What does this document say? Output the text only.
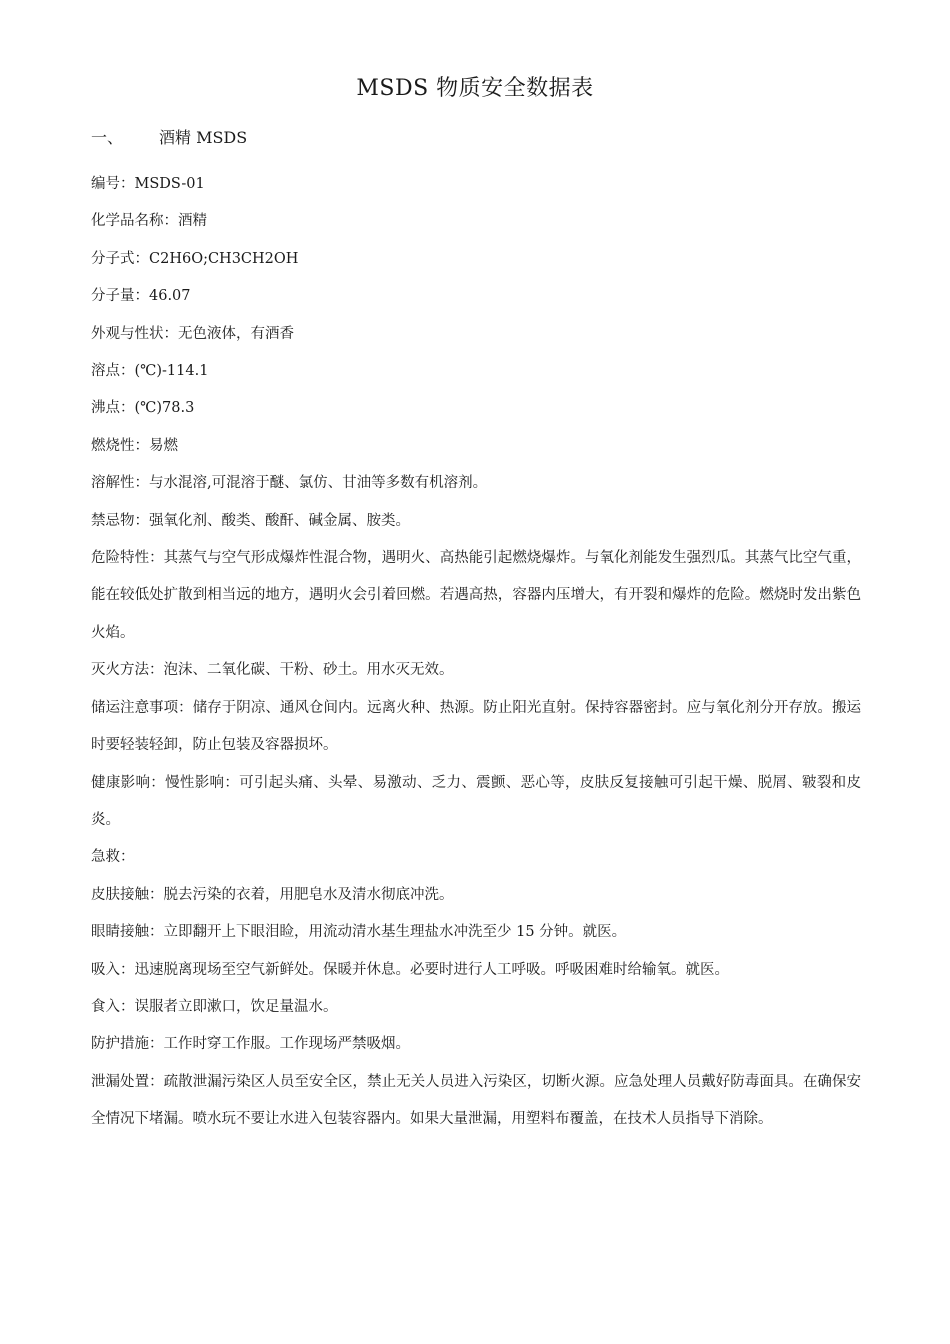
MSDS 物质安全数据表
一、 酒精 MSDS

编号：MSDS-01

化学品名称：酒精

分子式：C2H6O;CH3CH2OH

分子量：46.07

外观与性状：无色液体，有酒香

溶点：(℃)-114.1

沸点：(℃)78.3

燃烧性：易燃

溶解性：与水混溶,可混溶于醚、氯仿、甘油等多数有机溶剂。

禁忌物：强氧化剂、酸类、酸酐、碱金属、胺类。

危险特性：其蒸气与空气形成爆炸性混合物，遇明火、高热能引起燃烧爆炸。与氧化剂能发生强烈瓜。其蒸气比空气重，能在较低处扩散到相当远的地方，遇明火会引着回燃。若遇高热，容器内压增大，有开裂和爆炸的危险。燃烧时发出紫色火焰。

灭火方法：泡沫、二氧化碳、干粉、砂土。用水灭无效。

储运注意事项：储存于阴凉、通风仓间内。远离火种、热源。防止阳光直射。保持容器密封。应与氧化剂分开存放。搬运时要轻装轻卸，防止包装及容器损坏。

健康影响：慢性影响：可引起头痛、头晕、易激动、乏力、震颤、恶心等，皮肤反复接触可引起干燥、脱屑、皲裂和皮炎。

急救：

皮肤接触：脱去污染的衣着，用肥皂水及清水彻底冲洗。

眼睛接触：立即翻开上下眼泪睑，用流动清水基生理盐水冲洗至少 15 分钟。就医。

吸入：迅速脱离现场至空气新鲜处。保暖并休息。必要时进行人工呼吸。呼吸困难时给输氧。就医。

食入：误服者立即漱口，饮足量温水。

防护措施：工作时穿工作服。工作现场严禁吸烟。

泄漏处置：疏散泄漏污染区人员至安全区，禁止无关人员进入污染区，切断火源。应急处理人员戴好防毒面具。在确保安全情况下堵漏。喷水玩不要让水进入包装容器内。如果大量泄漏，用塑料布覆盖，在技术人员指导下消除。
